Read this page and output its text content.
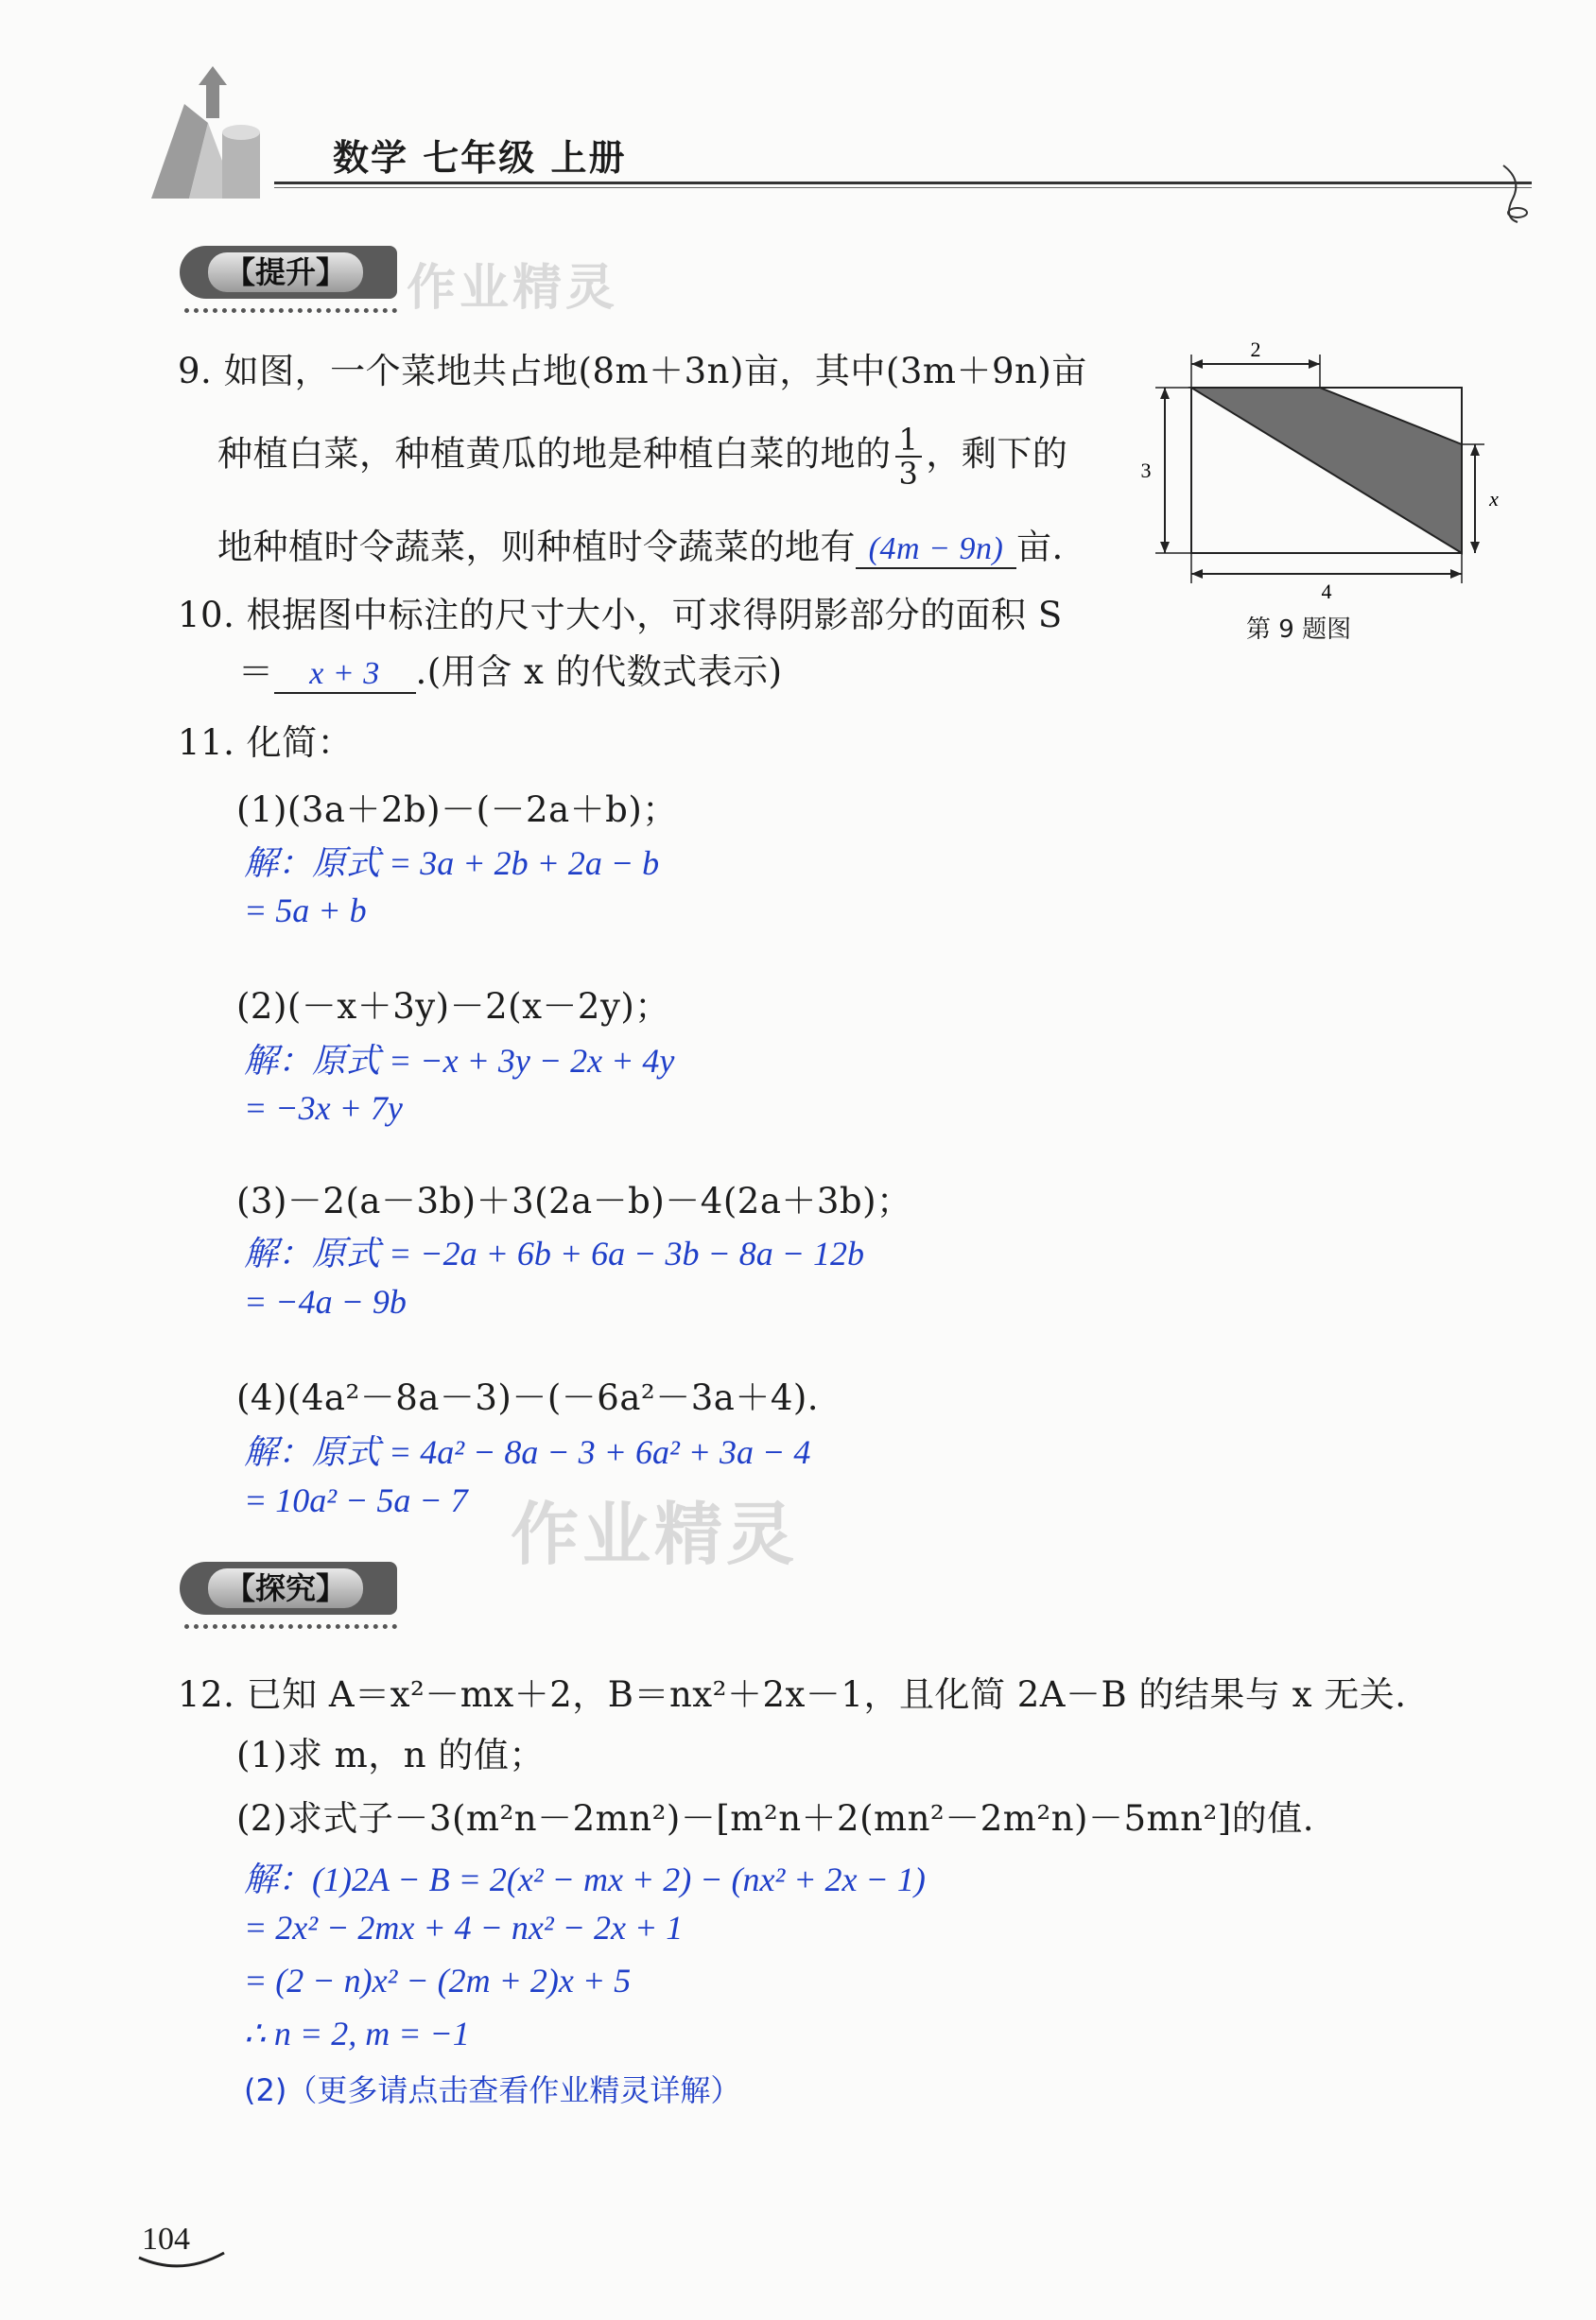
数学 七年级 上册
【提升】	作业精灵
9. 如图，一个菜地共占地(8m＋3n)亩，其中(3m＋9n)亩
种植白菜，种植黄瓜的地是种植白菜的地的 $\frac{1}{3}$ ，剩下的
地种植时令蔬菜，则种植时令蔬菜的地有 (4m − 9n) 亩.
2
3
x
4
第 9 题图
10. 根据图中标注的尺寸大小，可求得阴影部分的面积 S
＝ x + 3 .(用含 x 的代数式表示)
11. 化简：
(1)(3a＋2b)－(－2a＋b)；
解：原式 = 3a + 2b + 2a − b
= 5a + b
(2)(－x＋3y)－2(x－2y)；
解：原式 = −x + 3y − 2x + 4y
= −3x + 7y
(3)－2(a－3b)＋3(2a－b)－4(2a＋3b)；
解：原式 = −2a + 6b + 6a − 3b − 8a − 12b
= −4a − 9b
(4)(4a²－8a－3)－(－6a²－3a＋4).
解：原式 = 4a² − 8a − 3 + 6a² + 3a − 4
= 10a² − 5a − 7 作业精灵
【探究】
12. 已知 A＝x²－mx＋2，B＝nx²＋2x－1，且化简 2A－B 的结果与 x 无关.
(1)求 m，n 的值；
(2)求式子－3(m²n－2mn²)－[m²n＋2(mn²－2m²n)－5mn²]的值.
解：(1)2A − B = 2(x² − mx + 2) − (nx² + 2x − 1)
= 2x² − 2mx + 4 − nx² − 2x + 1
= (2 − n)x² − (2m + 2)x + 5
∴ n = 2, m = −1
(2)（更多请点击查看作业精灵详解）
104
